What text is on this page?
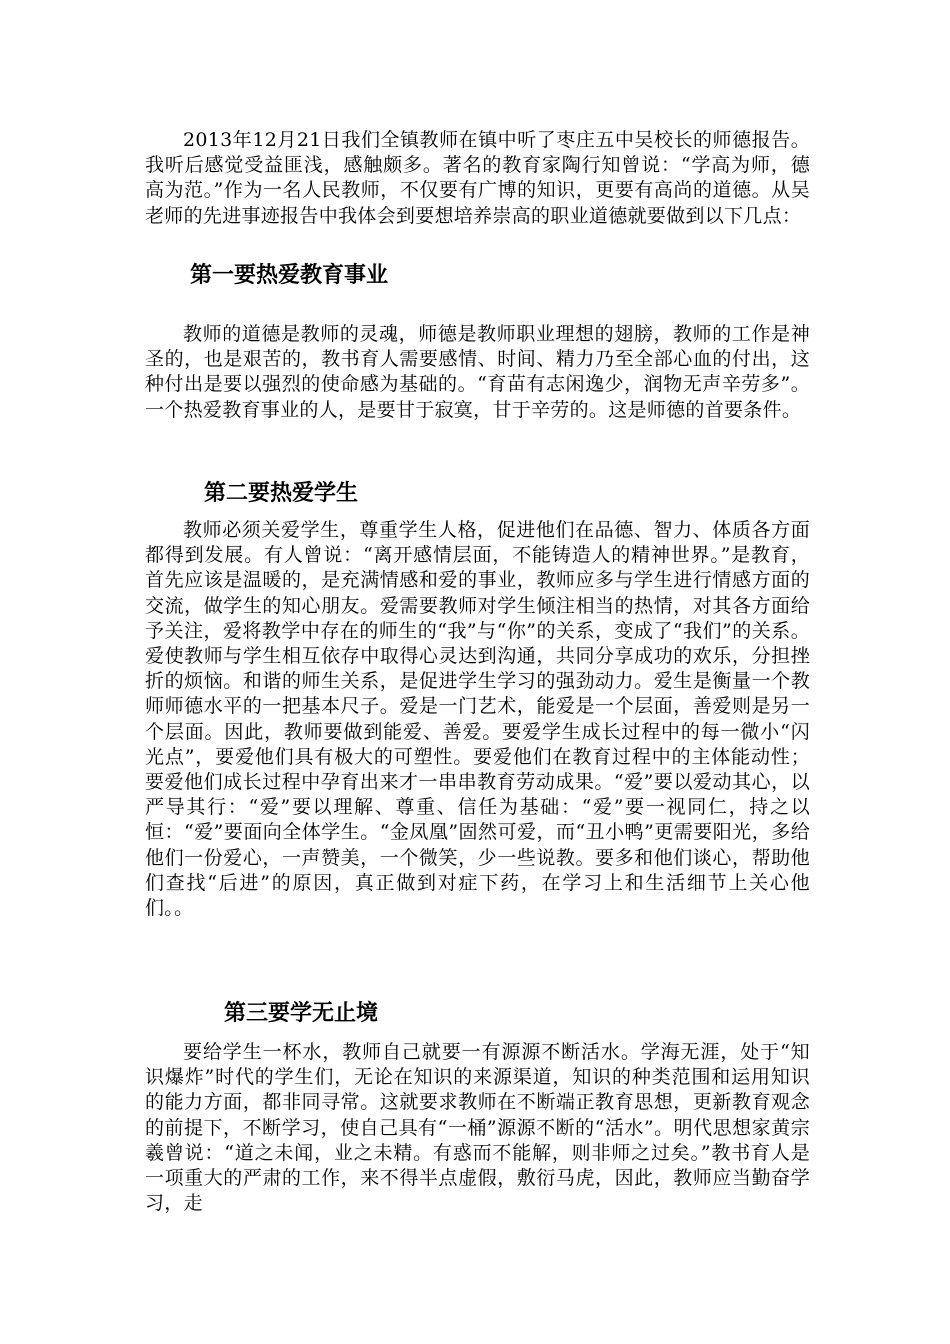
2013年12月21日我们全镇教师在镇中听了枣庄五中吴校长的师德报告。我听后感觉受益匪浅，感触颇多。著名的教育家陶行知曾说：“学高为师，德高为范。”作为一名人民教师，不仅要有广博的知识，更要有高尚的道德。从吴老师的先进事迹报告中我体会到要想培养崇高的职业道德就要做到以下几点：

第一要热爱教育事业

教师的道德是教师的灵魂，师德是教师职业理想的翅膀，教师的工作是神圣的，也是艰苦的，教书育人需要感情、时间、精力乃至全部心血的付出，这种付出是要以强烈的使命感为基础的。“育苗有志闲逸少，润物无声辛劳多”。一个热爱教育事业的人，是要甘于寂寞，甘于辛劳的。这是师德的首要条件。

第二要热爱学生

教师必须关爱学生，尊重学生人格，促进他们在品德、智力、体质各方面都得到发展。有人曾说：“离开感情层面，不能铸造人的精神世界。”是教育，首先应该是温暖的，是充满情感和爱的事业，教师应多与学生进行情感方面的交流，做学生的知心朋友。爱需要教师对学生倾注相当的热情，对其各方面给予关注，爱将教学中存在的师生的“我”与“你”的关系，变成了“我们”的关系。爱使教师与学生相互依存中取得心灵达到沟通，共同分享成功的欢乐，分担挫折的烦恼。和谐的师生关系，是促进学生学习的强劲动力。爱生是衡量一个教师师德水平的一把基本尺子。爱是一门艺术，能爱是一个层面，善爱则是另一个层面。因此，教师要做到能爱、善爱。要爱学生成长过程中的每一微小“闪光点”，要爱他们具有极大的可塑性。要爱他们在教育过程中的主体能动性；要爱他们成长过程中孕育出来才一串串教育劳动成果。“爱”要以爱动其心，以严导其行：“爱”要以理解、尊重、信任为基础：“爱”要一视同仁，持之以恒：“爱”要面向全体学生。“金凤凰”固然可爱，而“丑小鸭”更需要阳光，多给他们一份爱心，一声赞美，一个微笑，少一些说教。要多和他们谈心，帮助他们查找“后进”的原因，真正做到对症下药，在学习上和生活细节上关心他们。。

第三要学无止境

要给学生一杯水，教师自己就要一有源源不断活水。学海无涯，处于“知识爆炸”时代的学生们，无论在知识的来源渠道，知识的种类范围和运用知识的能力方面，都非同寻常。这就要求教师在不断端正教育思想，更新教育观念的前提下，不断学习，使自己具有“一桶”源源不断的“活水”。明代思想家黄宗羲曾说：“道之未闻，业之未精。有惑而不能解，则非师之过矣。”教书育人是一项重大的严肃的工作，来不得半点虚假，敷衍马虎，因此，教师应当勤奋学习，走
